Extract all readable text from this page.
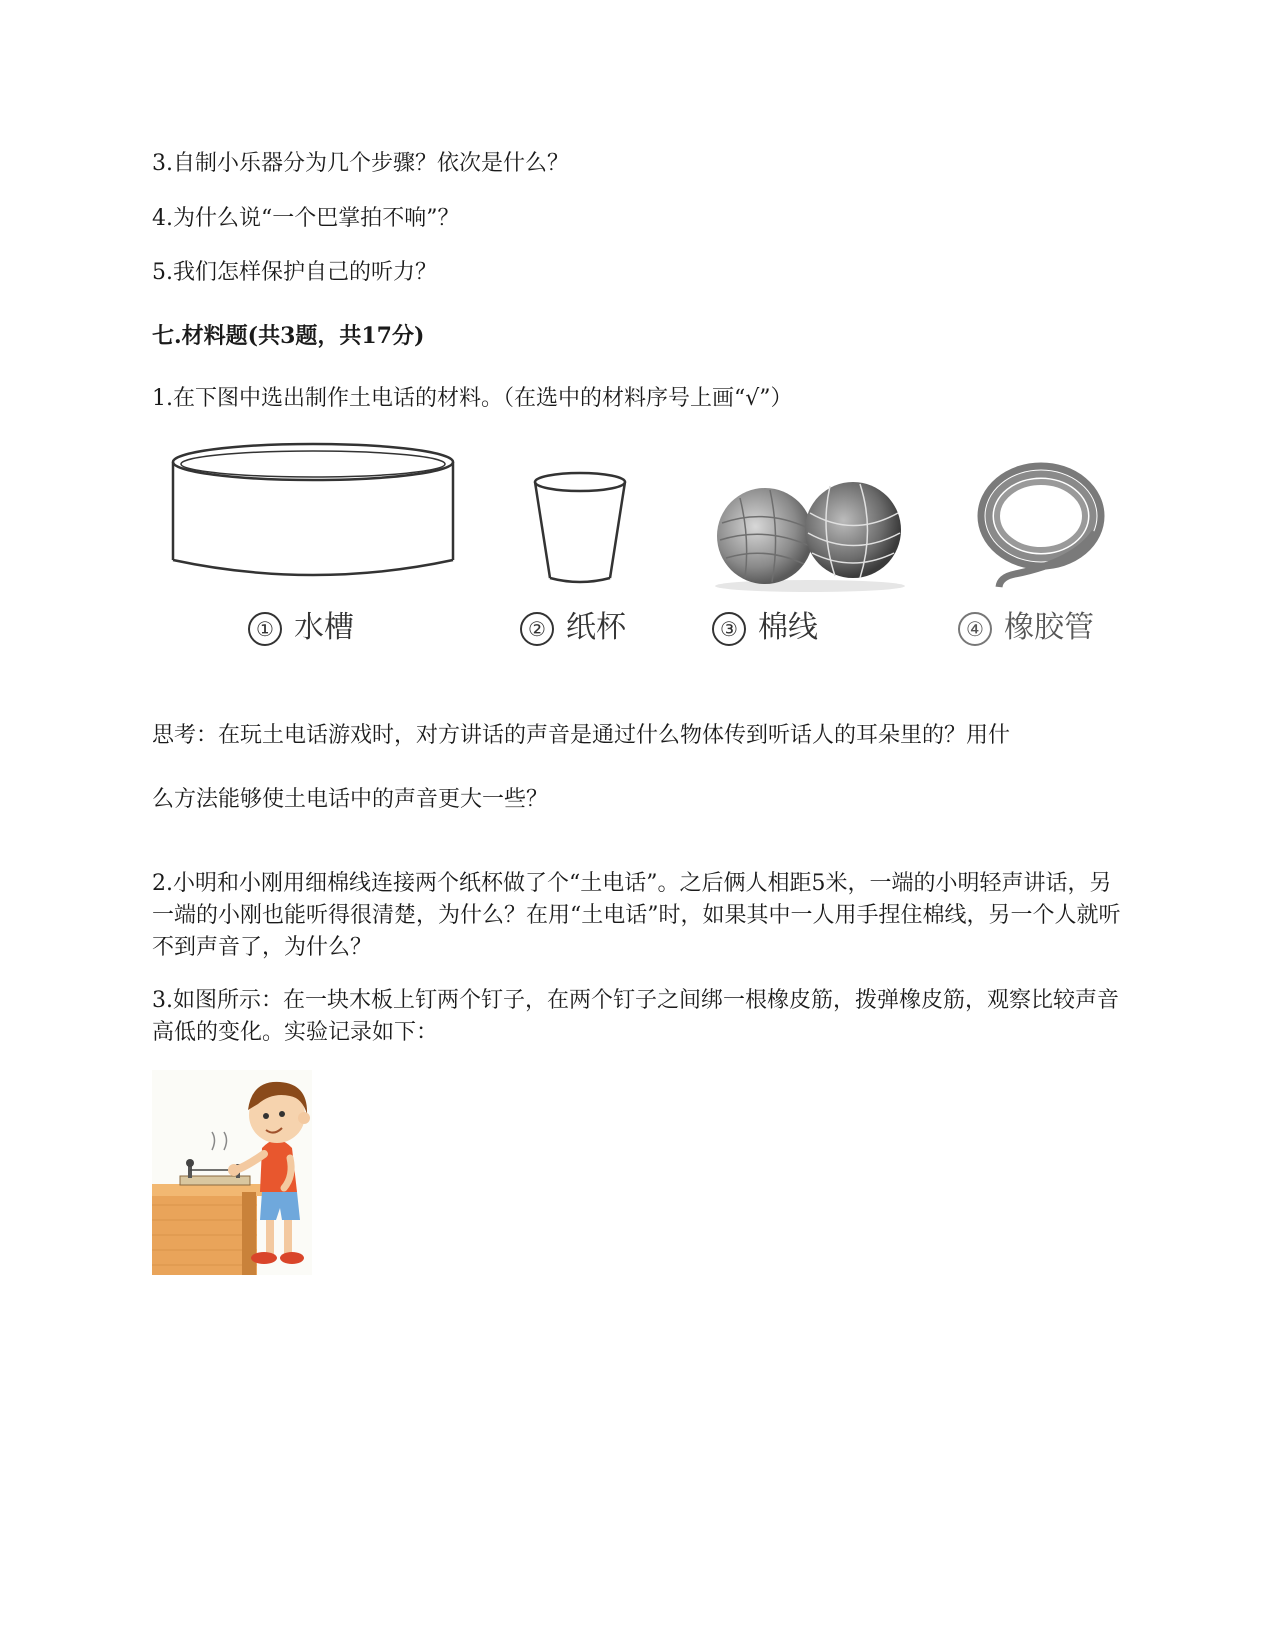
3.自制小乐器分为几个步骤？依次是什么？
4.为什么说“一个巴掌拍不响”？
5.我们怎样保护自己的听力？
七.材料题(共3题，共17分)
1.在下图中选出制作土电话的材料。（在选中的材料序号上画“√”）
① 水槽	② 纸杯	③ 棉线	④ 橡胶管
思考：在玩土电话游戏时，对方讲话的声音是通过什么物体传到听话人的耳朵里的？用什
么方法能够使土电话中的声音更大一些？
2.小明和小刚用细棉线连接两个纸杯做了个“土电话”。之后俩人相距5米，一端的小明轻声讲话，另一端的小刚也能听得很清楚，为什么？在用“土电话”时，如果其中一人用手捏住棉线，另一个人就听不到声音了，为什么？
3.如图所示：在一块木板上钉两个钉子，在两个钉子之间绑一根橡皮筋，拨弹橡皮筋，观察比较声音高低的变化。实验记录如下：
